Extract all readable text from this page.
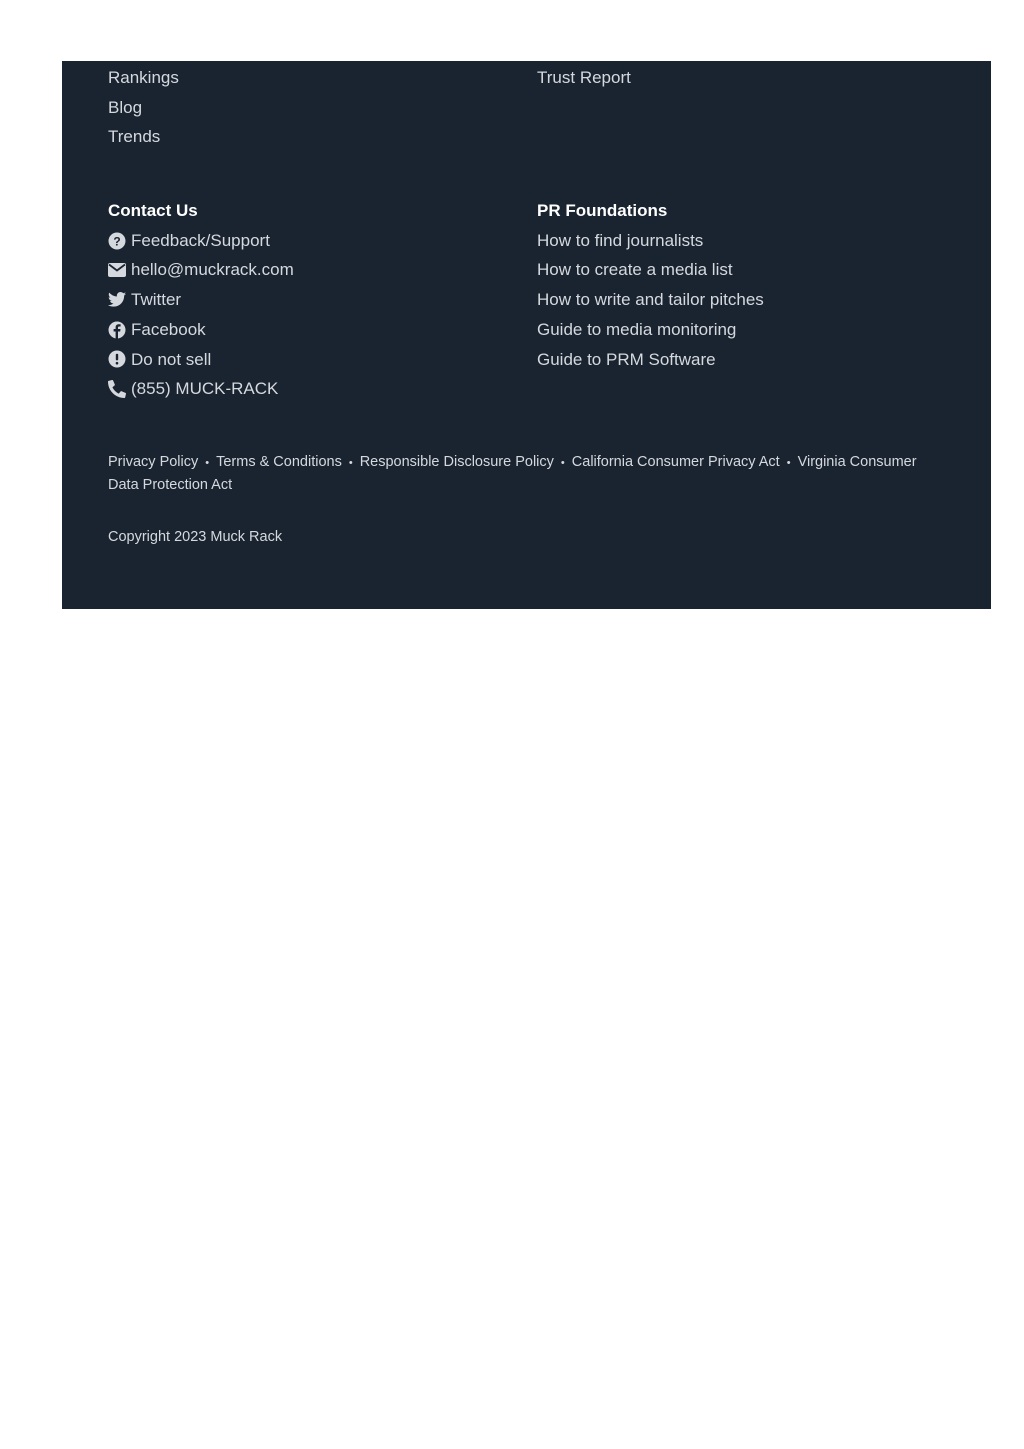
Rankings
Blog
Trends
Trust Report
Contact Us
? Feedback/Support
hello@muckrack.com
Twitter
Facebook
Do not sell
(855) MUCK-RACK
PR Foundations
How to find journalists
How to create a media list
How to write and tailor pitches
Guide to media monitoring
Guide to PRM Software
Privacy Policy • Terms & Conditions • Responsible Disclosure Policy • California Consumer Privacy Act • Virginia Consumer Data Protection Act
Copyright 2023 Muck Rack
